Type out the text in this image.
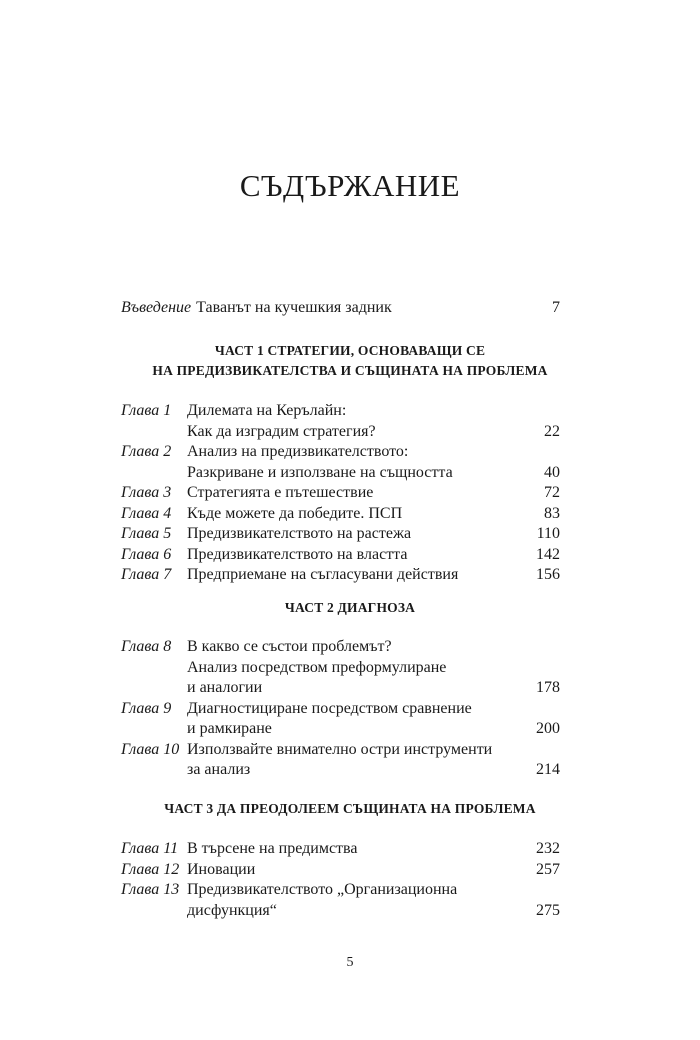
СЪДЪРЖАНИЕ
Въведение Таванът на кучешкия задник	7
ЧАСТ 1 СТРАТЕГИИ, ОСНОВАВАЩИ СЕ
НА ПРЕДИЗВИКАТЕЛСТВА И СЪЩИНАТА НА ПРОБЛЕМА
Глава 1 Дилемата на Керълайн:
Как да изградим стратегия?	22
Глава 2 Анализ на предизвикателството:
Разкриване и използване на същността	40
Глава 3 Стратегията е пътешествие	72
Глава 4 Къде можете да победите. ПСП	83
Глава 5 Предизвикателството на растежа	110
Глава 6 Предизвикателството на властта	142
Глава 7 Предприемане на съгласувани действия	156
ЧАСТ 2 ДИАГНОЗА
Глава 8 В какво се състои проблемът?
Анализ посредством преформулиране
и аналогии	178
Глава 9 Диагностициране посредством сравнение
и рамкиране	200
Глава 10 Използвайте внимателно остри инструменти
за анализ	214
ЧАСТ 3 ДА ПРЕОДОЛЕЕМ СЪЩИНАТА НА ПРОБЛЕМА
Глава 11 В търсене на предимства	232
Глава 12 Иновации	257
Глава 13 Предизвикателството „Организационна
дисфункция“	275
5
